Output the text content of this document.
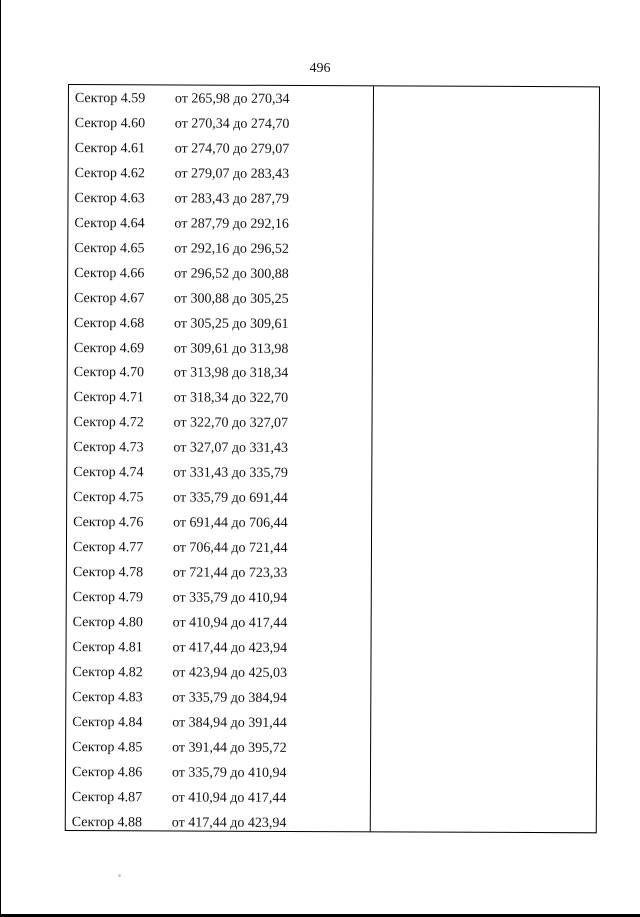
496
Сектор 4.59 от 265,98 до 270,34
Сектор 4.60 от 270,34 до 274,70
Сектор 4.61 от 274,70 до 279,07
Сектор 4.62 от 279,07 до 283,43
Сектор 4.63 от 283,43 до 287,79
Сектор 4.64 от 287,79 до 292,16
Сектор 4.65 от 292,16 до 296,52
Сектор 4.66 от 296,52 до 300,88
Сектор 4.67 от 300,88 до 305,25
Сектор 4.68 от 305,25 до 309,61
Сектор 4.69 от 309,61 до 313,98
Сектор 4.70 от 313,98 до 318,34
Сектор 4.71 от 318,34 до 322,70
Сектор 4.72 от 322,70 до 327,07
Сектор 4.73 от 327,07 до 331,43
Сектор 4.74 от 331,43 до 335,79
Сектор 4.75 от 335,79 до 691,44
Сектор 4.76 от 691,44 до 706,44
Сектор 4.77 от 706,44 до 721,44
Сектор 4.78 от 721,44 до 723,33
Сектор 4.79 от 335,79 до 410,94
Сектор 4.80 от 410,94 до 417,44
Сектор 4.81 от 417,44 до 423,94
Сектор 4.82 от 423,94 до 425,03
Сектор 4.83 от 335,79 до 384,94
Сектор 4.84 от 384,94 до 391,44
Сектор 4.85 от 391,44 до 395,72
Сектор 4.86 от 335,79 до 410,94
Сектор 4.87 от 410,94 до 417,44
Сектор 4.88 от 417,44 до 423,94
